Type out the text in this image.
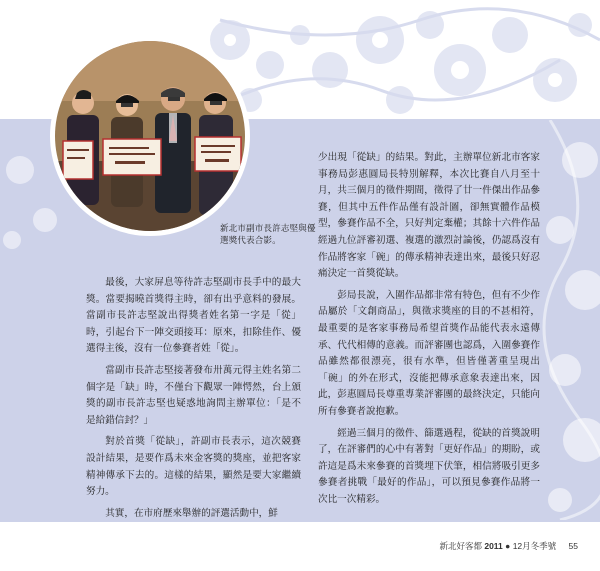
新北市副市長許志堅與優選獎代表合影。

最後，大家屏息等待許志堅副市長手中的最大獎。當要揭曉首獎得主時，卻有出乎意料的發展。當副市長許志堅說出得獎者姓名第一字是「從」時，引起台下一陣交頭接耳：原來，扣除佳作、優選得主後，沒有一位參賽者姓「從」。

當副市長許志堅接著發布卅萬元得主姓名第二個字是「缺」時，不僅台下觀眾一陣愕然，台上頒獎的副市長許志堅也疑惑地詢問主辦單位：「是不是給錯信封？」

對於首獎「從缺」，許副市長表示，這次競賽設計結果，是要作爲未來金客獎的獎座，並把客家精神傳承下去的。這樣的結果，顯然是要大家繼續努力。

其實，在市府歷來舉辦的評選活動中，鮮

少出現「從缺」的結果。對此，主辦單位新北市客家事務局彭惠圓局長特別解釋，本次比賽自八月至十月，共三個月的徵件期間，徵得了廿一件傑出作品參賽，但其中五件作品僅有設計圖，卻無實體作品模型，參賽作品不全，只好判定棄權；其餘十六件作品經過九位評審初選、複選的激烈討論後，仍認爲沒有作品將客家「碗」的傳承精神表達出來，最後只好忍痛決定一首獎從缺。

彭局長說，入圍作品都非常有特色，但有不少作品屬於「文創商品」，與徵求獎座的目的不甚相符，最重要的是客家事務局希望首獎作品能代表永遠傳承、代代相傳的意義。而評審團也認爲，入圍參賽作品雖然都很漂亮，很有水準，但皆僅著重呈現出「碗」的外在形式，沒能把傳承意象表達出來，因此，彭惠圓局長尊重專業評審團的最終決定，只能向所有參賽者說抱歉。

經過三個月的徵件、篩選過程，從缺的首獎說明了，在評審們的心中有著對「更好作品」的期盼，或許這是爲未來參賽的首獎埋下伏筆，相信將吸引更多參賽者挑戰「最好的作品」，可以預見參賽作品將一次比一次精彩。

新北好客都 2011 ● 12月冬季號 55
